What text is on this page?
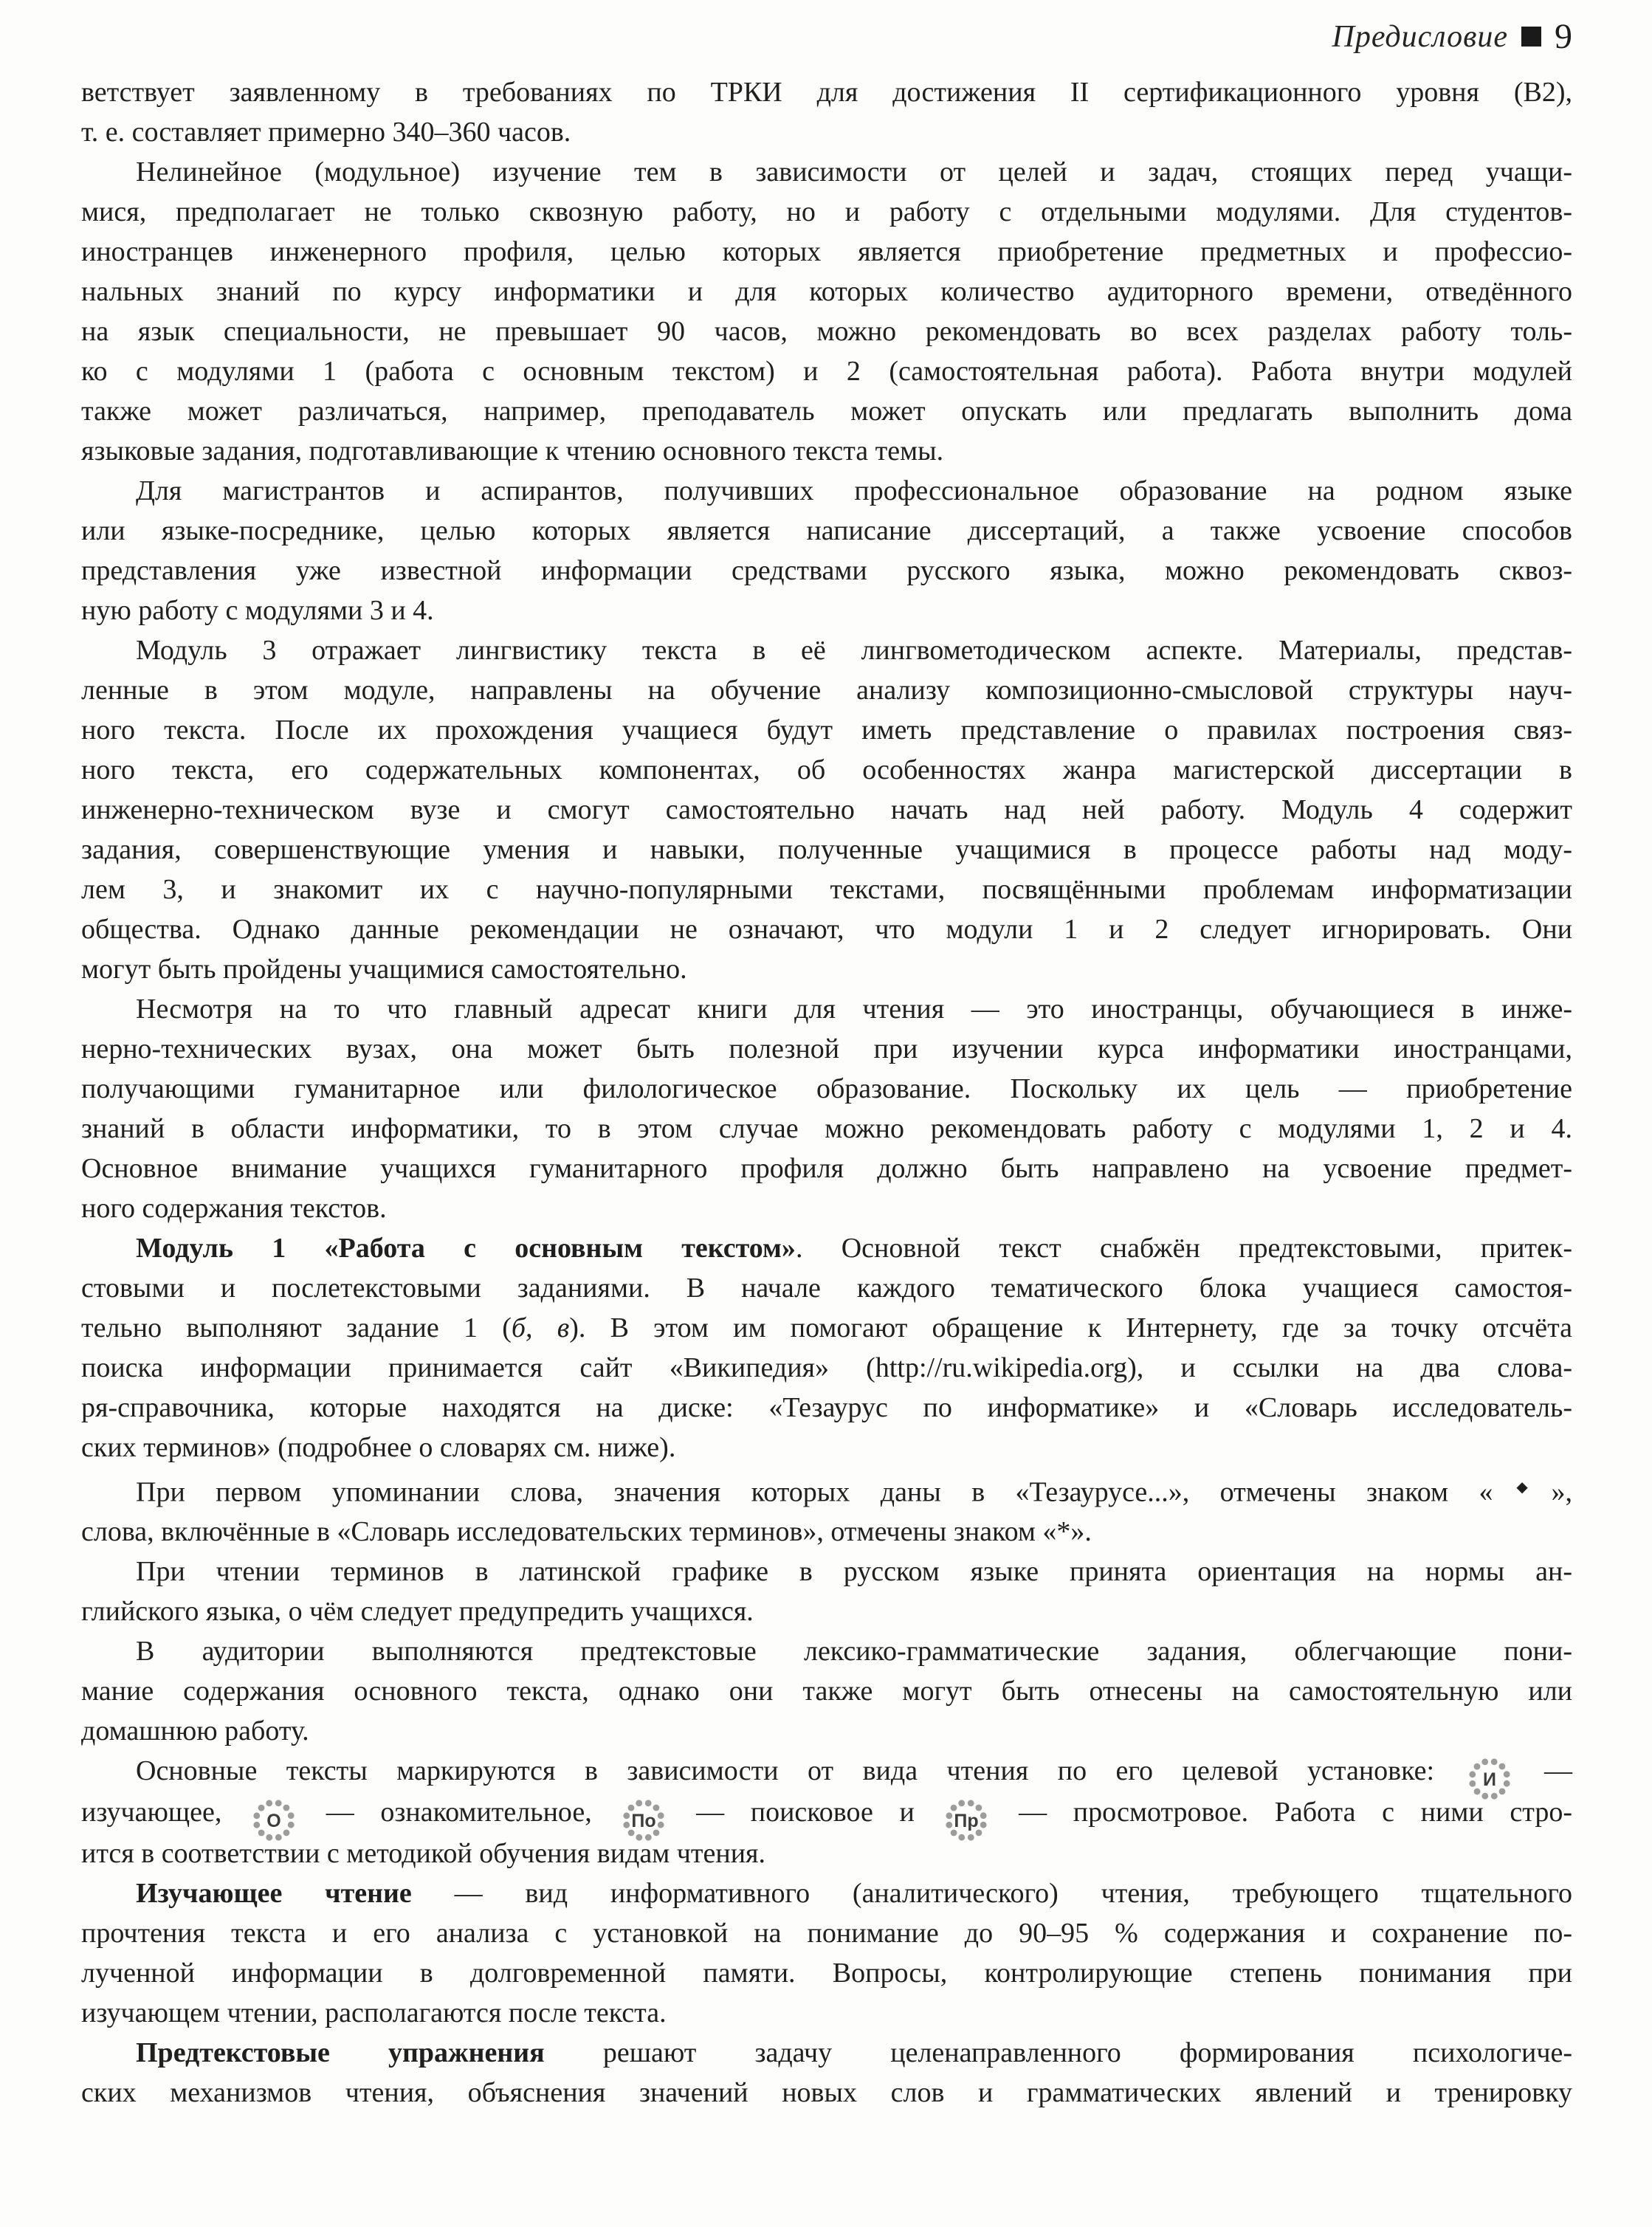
Предисловие 9
ветствует заявленному в требованиях по ТРКИ для достижения II сертификационного уровня (В2),
т. е. составляет примерно 340–360 часов.
Нелинейное (модульное) изучение тем в зависимости от целей и задач, стоящих перед учащи-
мися, предполагает не только сквозную работу, но и работу с отдельными модулями. Для студентов-
иностранцев инженерного профиля, целью которых является приобретение предметных и профессио-
нальных знаний по курсу информатики и для которых количество аудиторного времени, отведённого
на язык специальности, не превышает 90 часов, можно рекомендовать во всех разделах работу толь-
ко с модулями 1 (работа с основным текстом) и 2 (самостоятельная работа). Работа внутри модулей
также может различаться, например, преподаватель может опускать или предлагать выполнить дома
языковые задания, подготавливающие к чтению основного текста темы.
Для магистрантов и аспирантов, получивших профессиональное образование на родном языке
или языке-посреднике, целью которых является написание диссертаций, а также усвоение способов
представления уже известной информации средствами русского языка, можно рекомендовать сквоз-
ную работу с модулями 3 и 4.
Модуль 3 отражает лингвистику текста в её лингвометодическом аспекте. Материалы, представ-
ленные в этом модуле, направлены на обучение анализу композиционно-смысловой структуры науч-
ного текста. После их прохождения учащиеся будут иметь представление о правилах построения связ-
ного текста, его содержательных компонентах, об особенностях жанра магистерской диссертации в
инженерно-техническом вузе и смогут самостоятельно начать над ней работу. Модуль 4 содержит
задания, совершенствующие умения и навыки, полученные учащимися в процессе работы над моду-
лем 3, и знакомит их с научно-популярными текстами, посвящёнными проблемам информатизации
общества. Однако данные рекомендации не означают, что модули 1 и 2 следует игнорировать. Они
могут быть пройдены учащимися самостоятельно.
Несмотря на то что главный адресат книги для чтения — это иностранцы, обучающиеся в инже-
нерно-технических вузах, она может быть полезной при изучении курса информатики иностранцами,
получающими гуманитарное или филологическое образование. Поскольку их цель — приобретение
знаний в области информатики, то в этом случае можно рекомендовать работу с модулями 1, 2 и 4.
Основное внимание учащихся гуманитарного профиля должно быть направлено на усвоение предмет-
ного содержания текстов.
Модуль 1 «Работа с основным текстом». Основной текст снабжён предтекстовыми, притек-
стовыми и послетекстовыми заданиями. В начале каждого тематического блока учащиеся самостоя-
тельно выполняют задание 1 (б, в). В этом им помогают обращение к Интернету, где за точку отсчёта
поиска информации принимается сайт «Википедия» (http://ru.wikipedia.org), и ссылки на два слова-
ря-справочника, которые находятся на диске: «Тезаурус по информатике» и «Словарь исследователь-
ских терминов» (подробнее о словарях см. ниже).
При первом упоминании слова, значения которых даны в «Тезаурусе...», отмечены знаком «◆»,
слова, включённые в «Словарь исследовательских терминов», отмечены знаком «*».
При чтении терминов в латинской графике в русском языке принята ориентация на нормы ан-
глийского языка, о чём следует предупредить учащихся.
В аудитории выполняются предтекстовые лексико-грамматические задания, облегчающие пони-
мание содержания основного текста, однако они также могут быть отнесены на самостоятельную или
домашнюю работу.
Основные тексты маркируются в зависимости от вида чтения по его целевой установке: И —
изучающее, О — ознакомительное, По — поисковое и Пр — просмотровое. Работа с ними стро-
ится в соответствии с методикой обучения видам чтения.
Изучающее чтение — вид информативного (аналитического) чтения, требующего тщательного
прочтения текста и его анализа с установкой на понимание до 90–95 % содержания и сохранение по-
лученной информации в долговременной памяти. Вопросы, контролирующие степень понимания при
изучающем чтении, располагаются после текста.
Предтекстовые упражнения решают задачу целенаправленного формирования психологиче-
ских механизмов чтения, объяснения значений новых слов и грамматических явлений и тренировку
